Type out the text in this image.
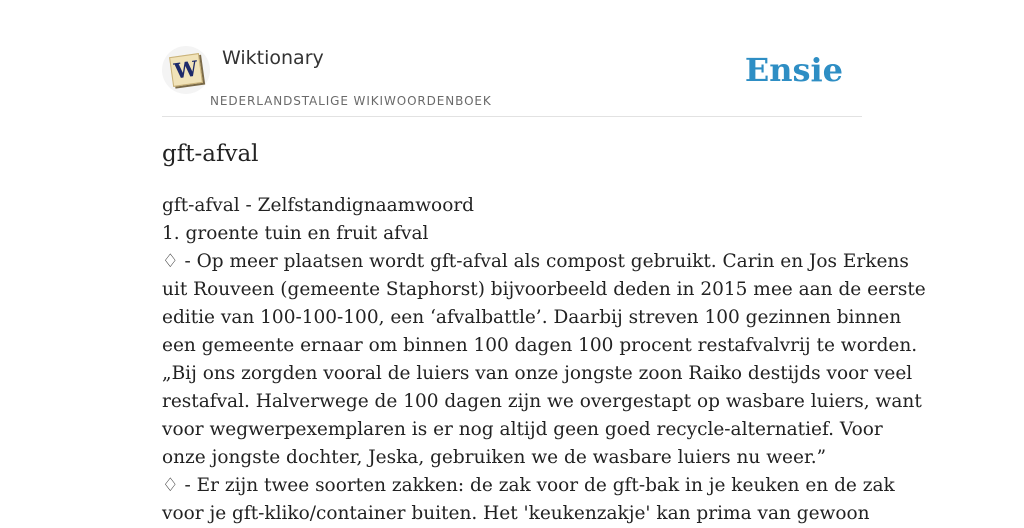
W Wiktionary
NEDERLANDSTALIGE WIKIWOORDENBOEK
Ensie
gft-afval
gft-afval - Zelfstandignaamwoord
1. groente tuin en fruit afval
♢ - Op meer plaatsen wordt gft-afval als compost gebruikt. Carin en Jos Erkens
uit Rouveen (gemeente Staphorst) bijvoorbeeld deden in 2015 mee aan de eerste
editie van 100-100-100, een ‘afvalbattle’. Daarbij streven 100 gezinnen binnen
een gemeente ernaar om binnen 100 dagen 100 procent restafvalvrij te worden.
„Bij ons zorgden vooral de luiers van onze jongste zoon Raiko destijds voor veel
restafval. Halverwege de 100 dagen zijn we overgestapt op wasbare luiers, want
voor wegwerpexemplaren is er nog altijd geen goed recycle-alternatief. Voor
onze jongste dochter, Jeska, gebruiken we de wasbare luiers nu weer.”
♢ - Er zijn twee soorten zakken: de zak voor de gft-bak in je keuken en de zak
voor je gft-kliko/container buiten. Het 'keukenzakje' kan prima van gewoon
